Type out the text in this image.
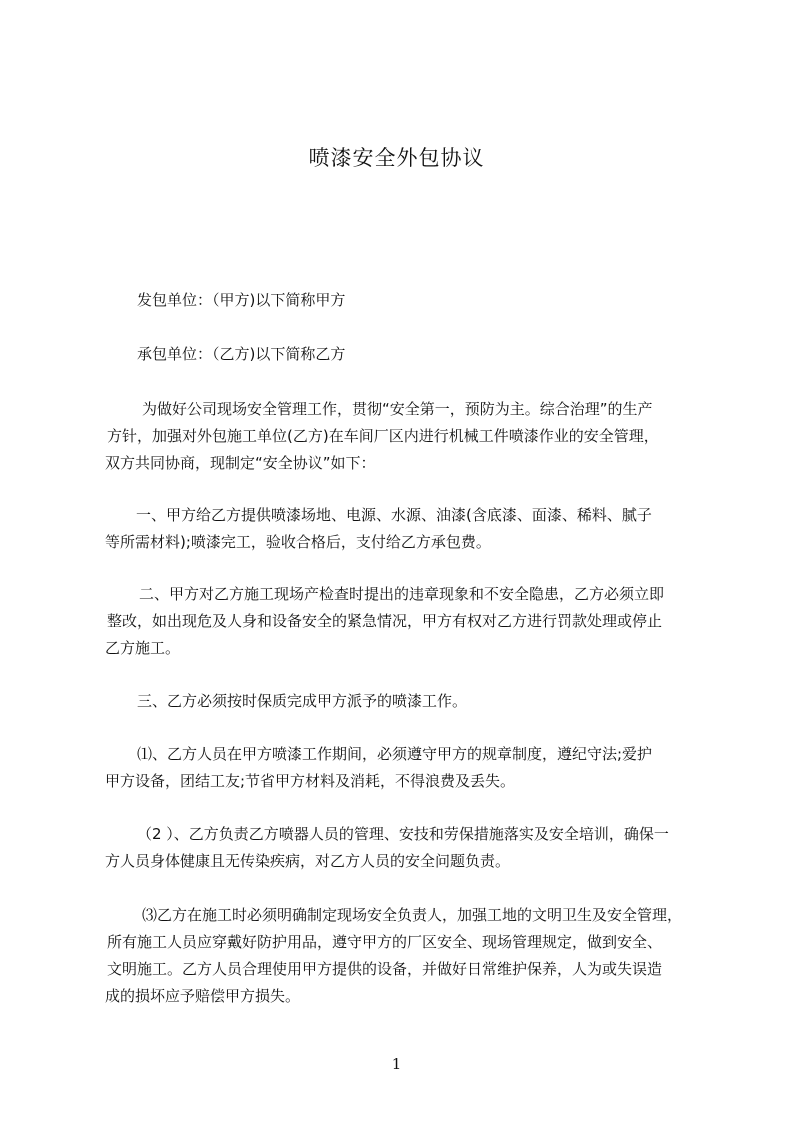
喷漆安全外包协议
发包单位：（甲方)以下简称甲方
承包单位：（乙方)以下简称乙方
为做好公司现场安全管理工作，贯彻“安全第一，预防为主。综合治理”的生产
方针，加强对外包施工单位(乙方)在车间厂区内进行机械工件喷漆作业的安全管理，
双方共同协商，现制定“安全协议”如下：
一、甲方给乙方提供喷漆场地、电源、水源、油漆(含底漆、面漆、稀料、腻子
等所需材料);喷漆完工，验收合格后，支付给乙方承包费。
二、甲方对乙方施工现场产检查时提出的违章现象和不安全隐患，乙方必须立即
整改，如出现危及人身和设备安全的紧急情况，甲方有权对乙方进行罚款处理或停止
乙方施工。
三、乙方必须按时保质完成甲方派予的喷漆工作。
⑴、乙方人员在甲方喷漆工作期间，必须遵守甲方的规章制度，遵纪守法;爱护
甲方设备，团结工友;节省甲方材料及消耗，不得浪费及丢失。
（2 ）、乙方负责乙方喷器人员的管理、安技和劳保措施落实及安全培训，确保一
方人员身体健康且无传染疾病，对乙方人员的安全问题负责。
⑶乙方在施工时必须明确制定现场安全负责人，加强工地的文明卫生及安全管理，
所有施工人员应穿戴好防护用品，遵守甲方的厂区安全、现场管理规定，做到安全、
文明施工。乙方人员合理使用甲方提供的设备，并做好日常维护保养，人为或失误造
成的损坏应予赔偿甲方损失。
1
